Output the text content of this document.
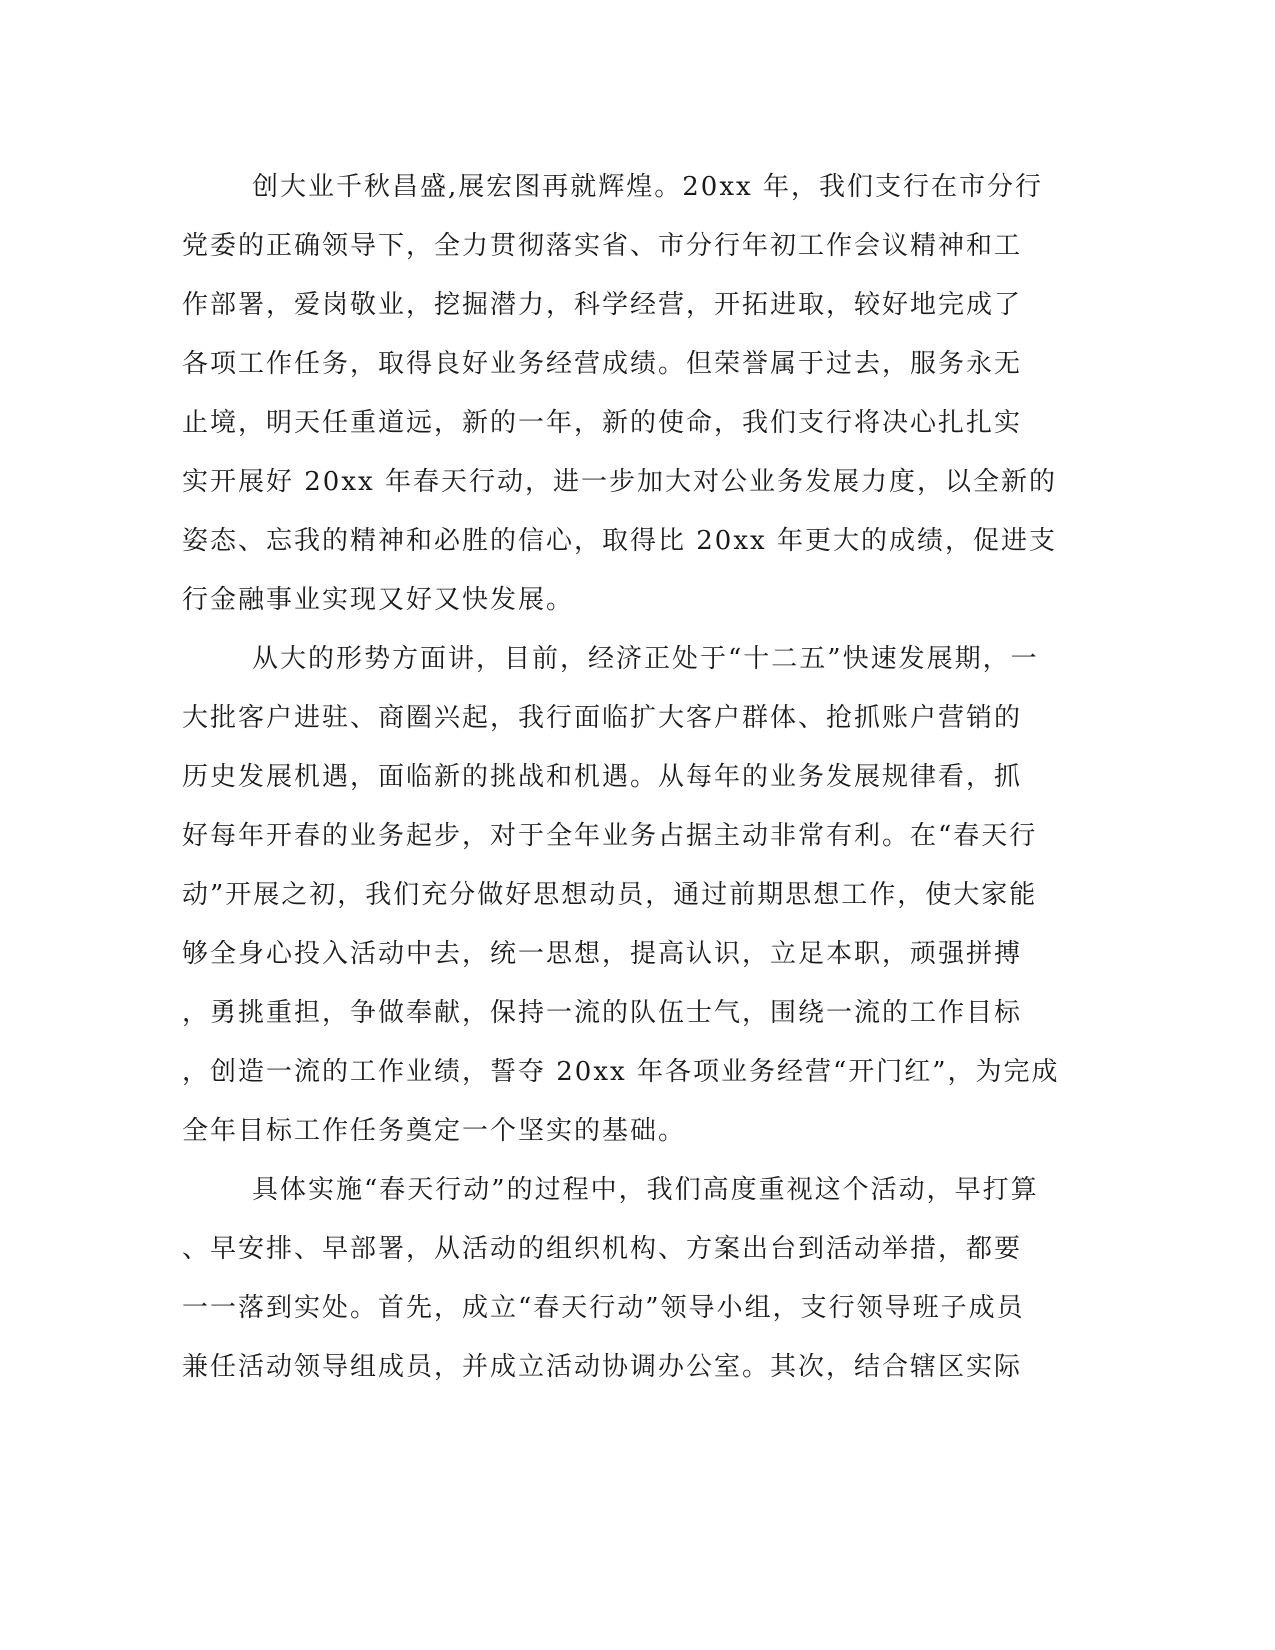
创大业千秋昌盛,展宏图再就辉煌。20xx 年，我们支行在市分行
党委的正确领导下，全力贯彻落实省、市分行年初工作会议精神和工
作部署，爱岗敬业，挖掘潜力，科学经营，开拓进取，较好地完成了
各项工作任务，取得良好业务经营成绩。但荣誉属于过去，服务永无
止境，明天任重道远，新的一年，新的使命，我们支行将决心扎扎实
实开展好 20xx 年春天行动，进一步加大对公业务发展力度，以全新的
姿态、忘我的精神和必胜的信心，取得比 20xx 年更大的成绩，促进支
行金融事业实现又好又快发展。
从大的形势方面讲，目前，经济正处于“十二五”快速发展期，一
大批客户进驻、商圈兴起，我行面临扩大客户群体、抢抓账户营销的
历史发展机遇，面临新的挑战和机遇。从每年的业务发展规律看，抓
好每年开春的业务起步，对于全年业务占据主动非常有利。在“春天行
动”开展之初，我们充分做好思想动员，通过前期思想工作，使大家能
够全身心投入活动中去，统一思想，提高认识，立足本职，顽强拼搏
，勇挑重担，争做奉献，保持一流的队伍士气，围绕一流的工作目标
，创造一流的工作业绩，誓夺 20xx 年各项业务经营“开门红”，为完成
全年目标工作任务奠定一个坚实的基础。
具体实施“春天行动”的过程中，我们高度重视这个活动，早打算
、早安排、早部署，从活动的组织机构、方案出台到活动举措，都要
一一落到实处。首先，成立“春天行动”领导小组，支行领导班子成员
兼任活动领导组成员，并成立活动协调办公室。其次，结合辖区实际
